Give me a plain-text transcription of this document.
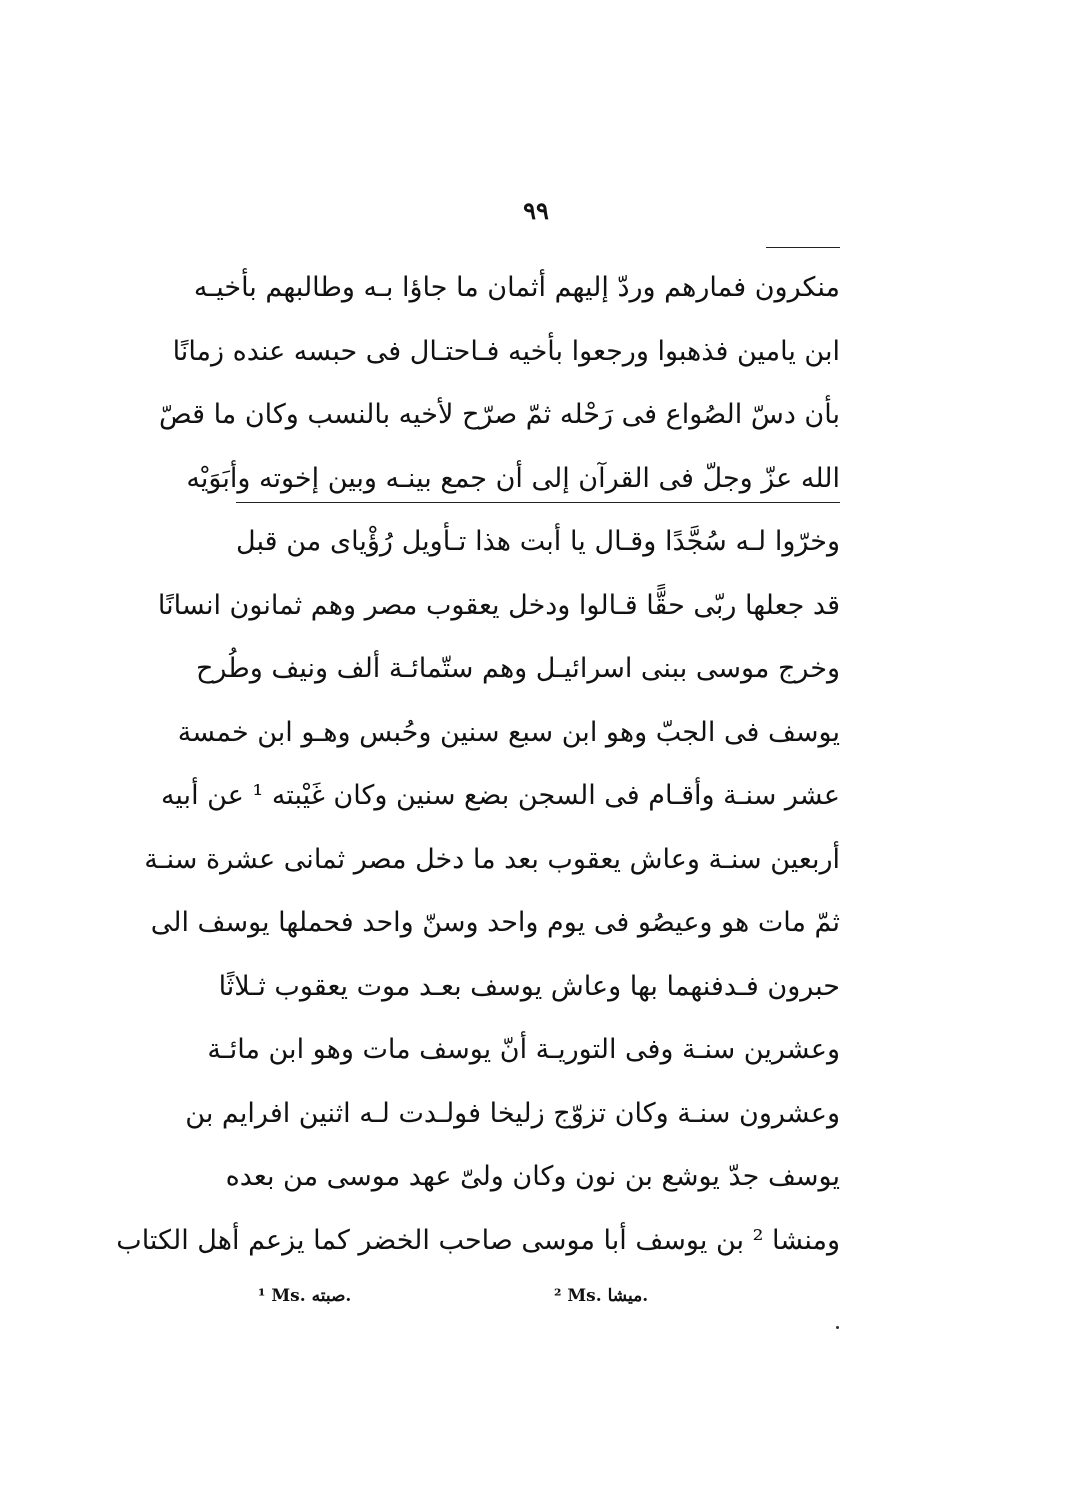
٩٩
منكرون فمارهم وردّ إليهم أثمان ما جاؤا بـه وطالبهم بأخيـه
ابن يامين فذهبوا ورجعوا بأخيه فـاحتـال فى حبسه عنده زمانًا
بأن دسّ الصُواع فى رَحْله ثمّ صرّح لأخيه بالنسب وكان ما قصّ
الله عزّ وجلّ فى القرآن إلى أن جمع بينـه وبين إخوته وأبَوَيْه
وخرّوا لـه سُجَّدًا وقـال يا أبت هذا تـأويل رُؤْياى من قبل
قد جعلها ربّى حقًّا قـالوا ودخل يعقوب مصر وهم ثمانون انسانًا
وخرج موسى ببنى اسرائيـل وهم ستّمائـة ألف ونيف وطُرح
يوسف فى الجبّ وهو ابن سبع سنين وحُبس وهـو ابن خمسة
عشر سنـة وأقـام فى السجن بضع سنين وكان غَيْبته ¹ عن أبيه
أربعين سنـة وعاش يعقوب بعد ما دخل مصر ثمانى عشرة سنـة
ثمّ مات هو وعيصُو فى يوم واحد وسنّ واحد فحملها يوسف الى
حبرون فـدفنهما بها وعاش يوسف بعـد موت يعقوب ثـلاثًا
وعشرين سنـة وفى التوريـة أنّ يوسف مات وهو ابن مائـة
وعشرون سنـة وكان تزوّج زليخا فولـدت لـه اثنين افرايم بن
يوسف جدّ يوشع بن نون وكان ولىّ عهد موسى من بعده
ومنشا ² بن يوسف أبا موسى صاحب الخضر كما يزعم أهل الكتاب
¹ Ms. صبته.	² Ms. ميشا.
